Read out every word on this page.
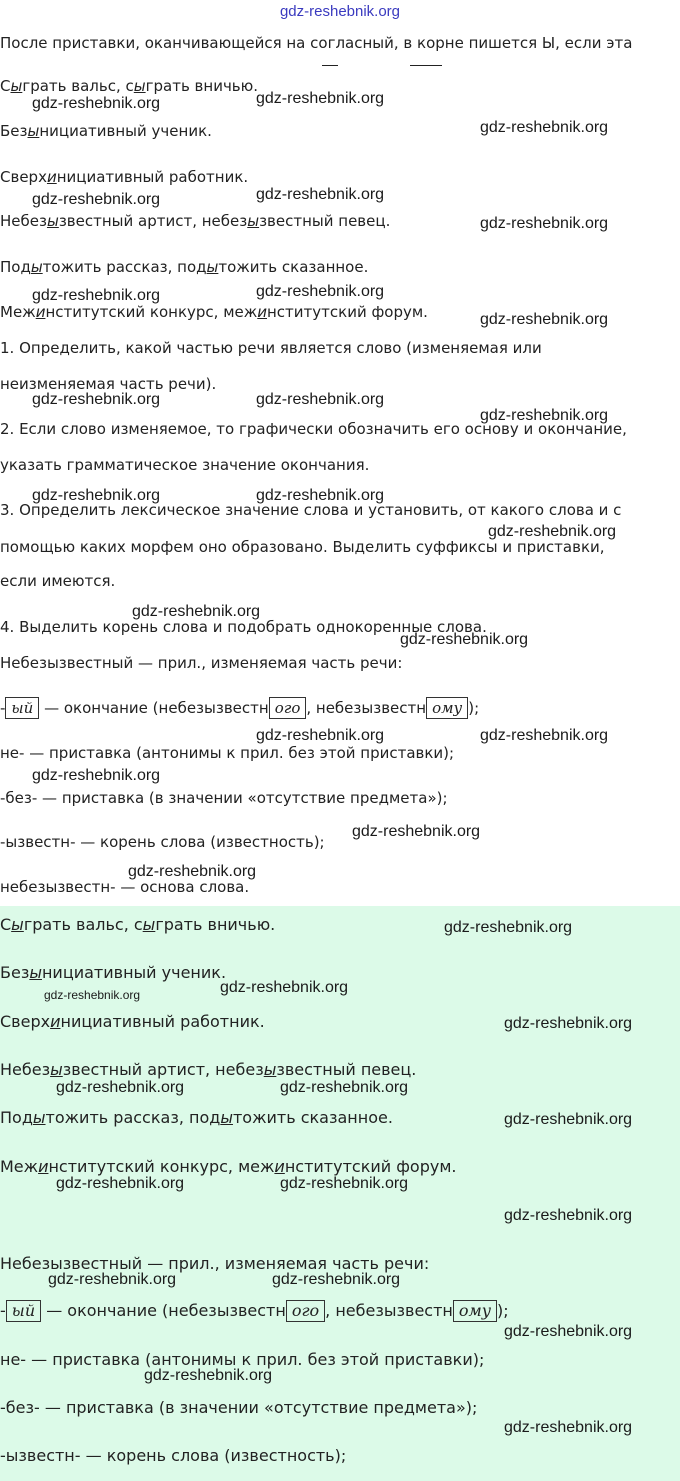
gdz-reshebnik.org
После приставки, оканчивающейся на согласный, в корне пишется Ы, если эта
Сыграть вальс, сыграть вничью.
Безынициативный ученик.
Сверхинициативный работник.
Небезызвестный артист, небезызвестный певец.
Подытожить рассказ, подытожить сказанное.
Межинститутский конкурс, межинститутский форум.
1. Определить, какой частью речи является слово (изменяемая или
неизменяемая часть речи).
2. Если слово изменяемое, то графически обозначить его основу и окончание,
указать грамматическое значение окончания.
3. Определить лексическое значение слова и установить, от какого слова и с
помощью каких морфем оно образовано. Выделить суффиксы и приставки,
если имеются.
4. Выделить корень слова и подобрать однокоренные слова.
Небезызвестный — прил., изменяемая часть речи:
- ый — окончание (небезызвестн ого , небезызвестн ому );
не- — приставка (антонимы к прил. без этой приставки);
-без- — приставка (в значении «отсутствие предмета»);
-ызвестн- — корень слова (известность);
небезызвестн- — основа слова.
Сыграть вальс, сыграть вничью.
Безынициативный ученик.
Сверхинициативный работник.
Небезызвестный артист, небезызвестный певец.
Подытожить рассказ, подытожить сказанное.
Межинститутский конкурс, межинститутский форум.
Небезызвестный — прил., изменяемая часть речи:
- ый — окончание (небезызвестн ого , небезызвестн ому );
не- — приставка (антонимы к прил. без этой приставки);
-без- — приставка (в значении «отсутствие предмета»);
-ызвестн- — корень слова (известность);
gdz-reshebnik.org
gdz-reshebnik.org
gdz-reshebnik.org
gdz-reshebnik.org	gdz-reshebnik.org
gdz-reshebnik.org
gdz-reshebnik.org
gdz-reshebnik.org
gdz-reshebnik.org
gdz-reshebnik.org	gdz-reshebnik.org
gdz-reshebnik.org
gdz-reshebnik.org	gdz-reshebnik.org
gdz-reshebnik.org
gdz-reshebnik.org
gdz-reshebnik.org
gdz-reshebnik.org	gdz-reshebnik.org
gdz-reshebnik.org
gdz-reshebnik.org
gdz-reshebnik.org
gdz-reshebnik.org
gdz-reshebnik.org
gdz-reshebnik.org
gdz-reshebnik.org
gdz-reshebnik.org	gdz-reshebnik.org
gdz-reshebnik.org
gdz-reshebnik.org	gdz-reshebnik.org
gdz-reshebnik.org
gdz-reshebnik.org	gdz-reshebnik.org
gdz-reshebnik.org
gdz-reshebnik.org
gdz-reshebnik.org
